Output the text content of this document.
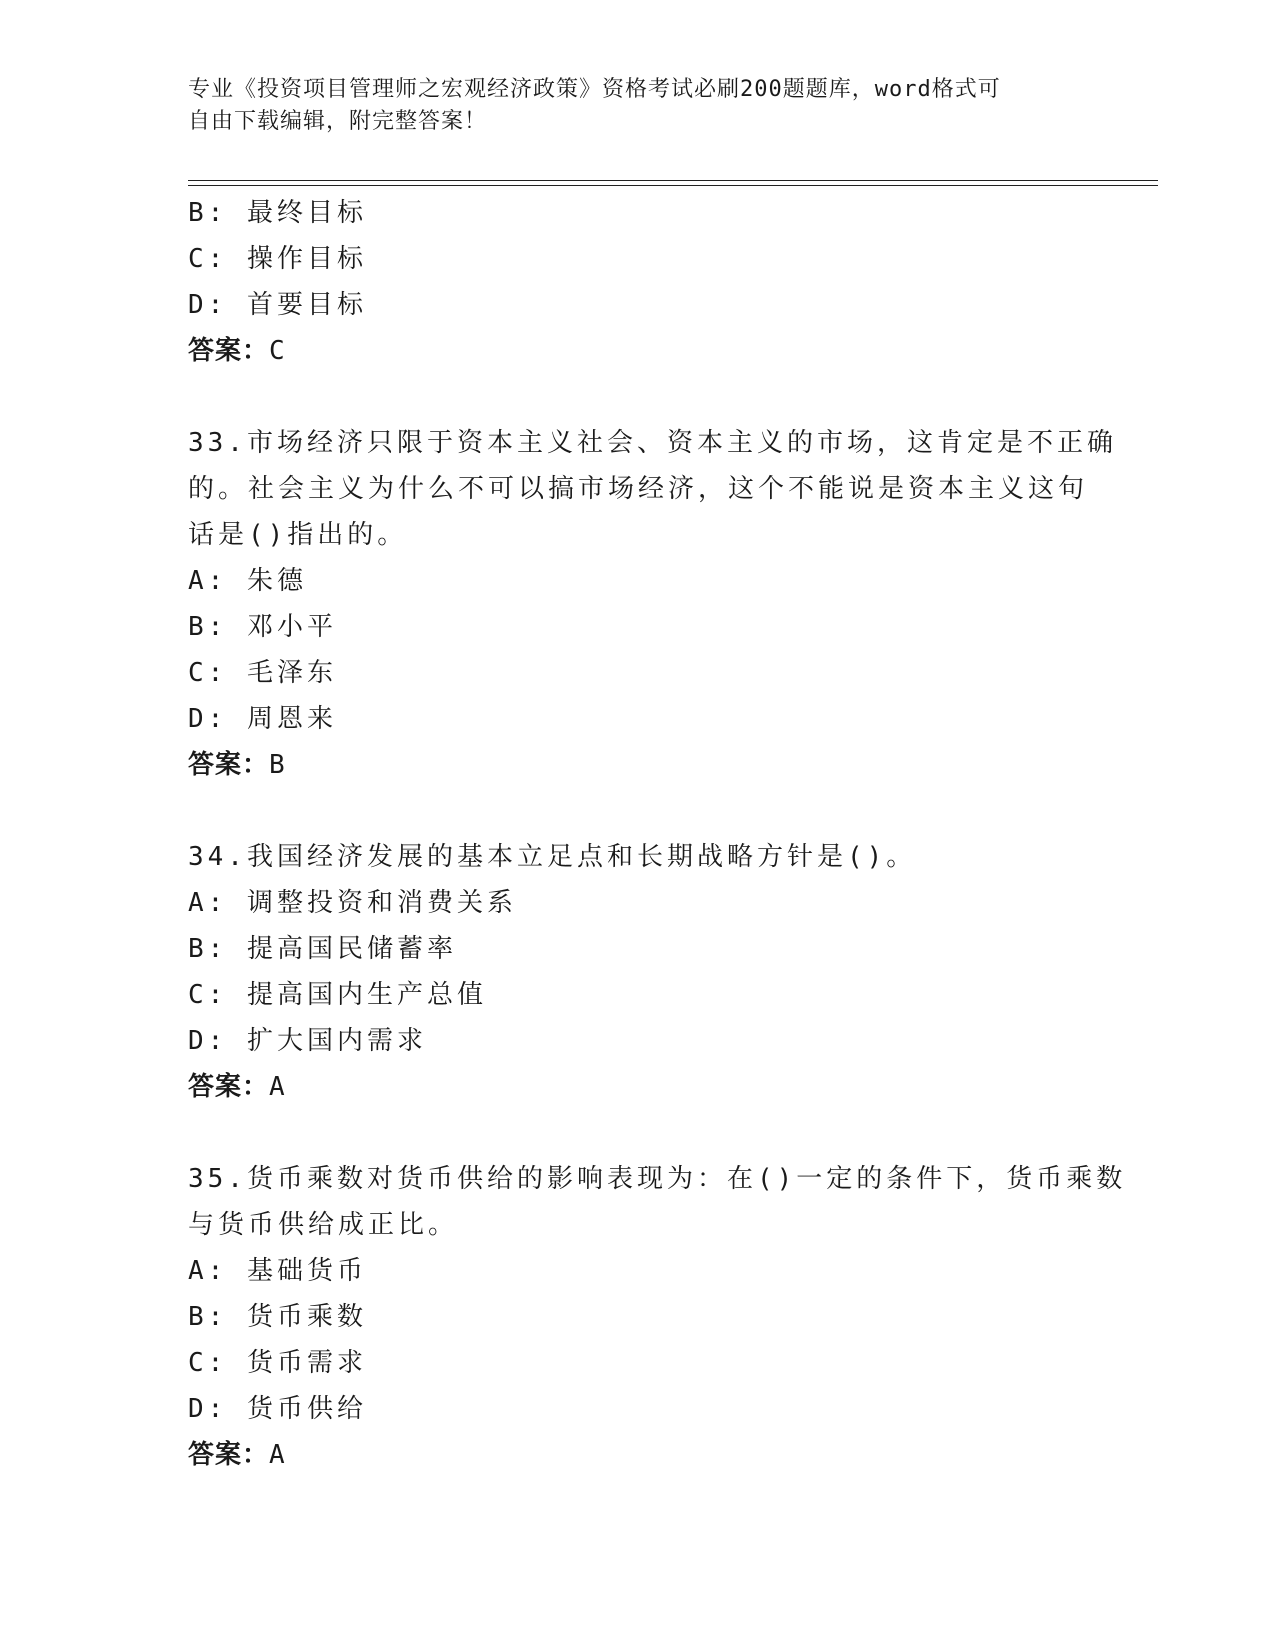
专业《投资项目管理师之宏观经济政策》资格考试必刷200题题库，word格式可
自由下载编辑，附完整答案！
B: 最终目标
C: 操作目标
D: 首要目标
答案：C
33.市场经济只限于资本主义社会、资本主义的市场，这肯定是不正确
的。社会主义为什么不可以搞市场经济，这个不能说是资本主义这句
话是()指出的。
A: 朱德
B: 邓小平
C: 毛泽东
D: 周恩来
答案：B
34.我国经济发展的基本立足点和长期战略方针是()。
A: 调整投资和消费关系
B: 提高国民储蓄率
C: 提高国内生产总值
D: 扩大国内需求
答案：A
35.货币乘数对货币供给的影响表现为：在()一定的条件下，货币乘数
与货币供给成正比。
A: 基础货币
B: 货币乘数
C: 货币需求
D: 货币供给
答案：A
